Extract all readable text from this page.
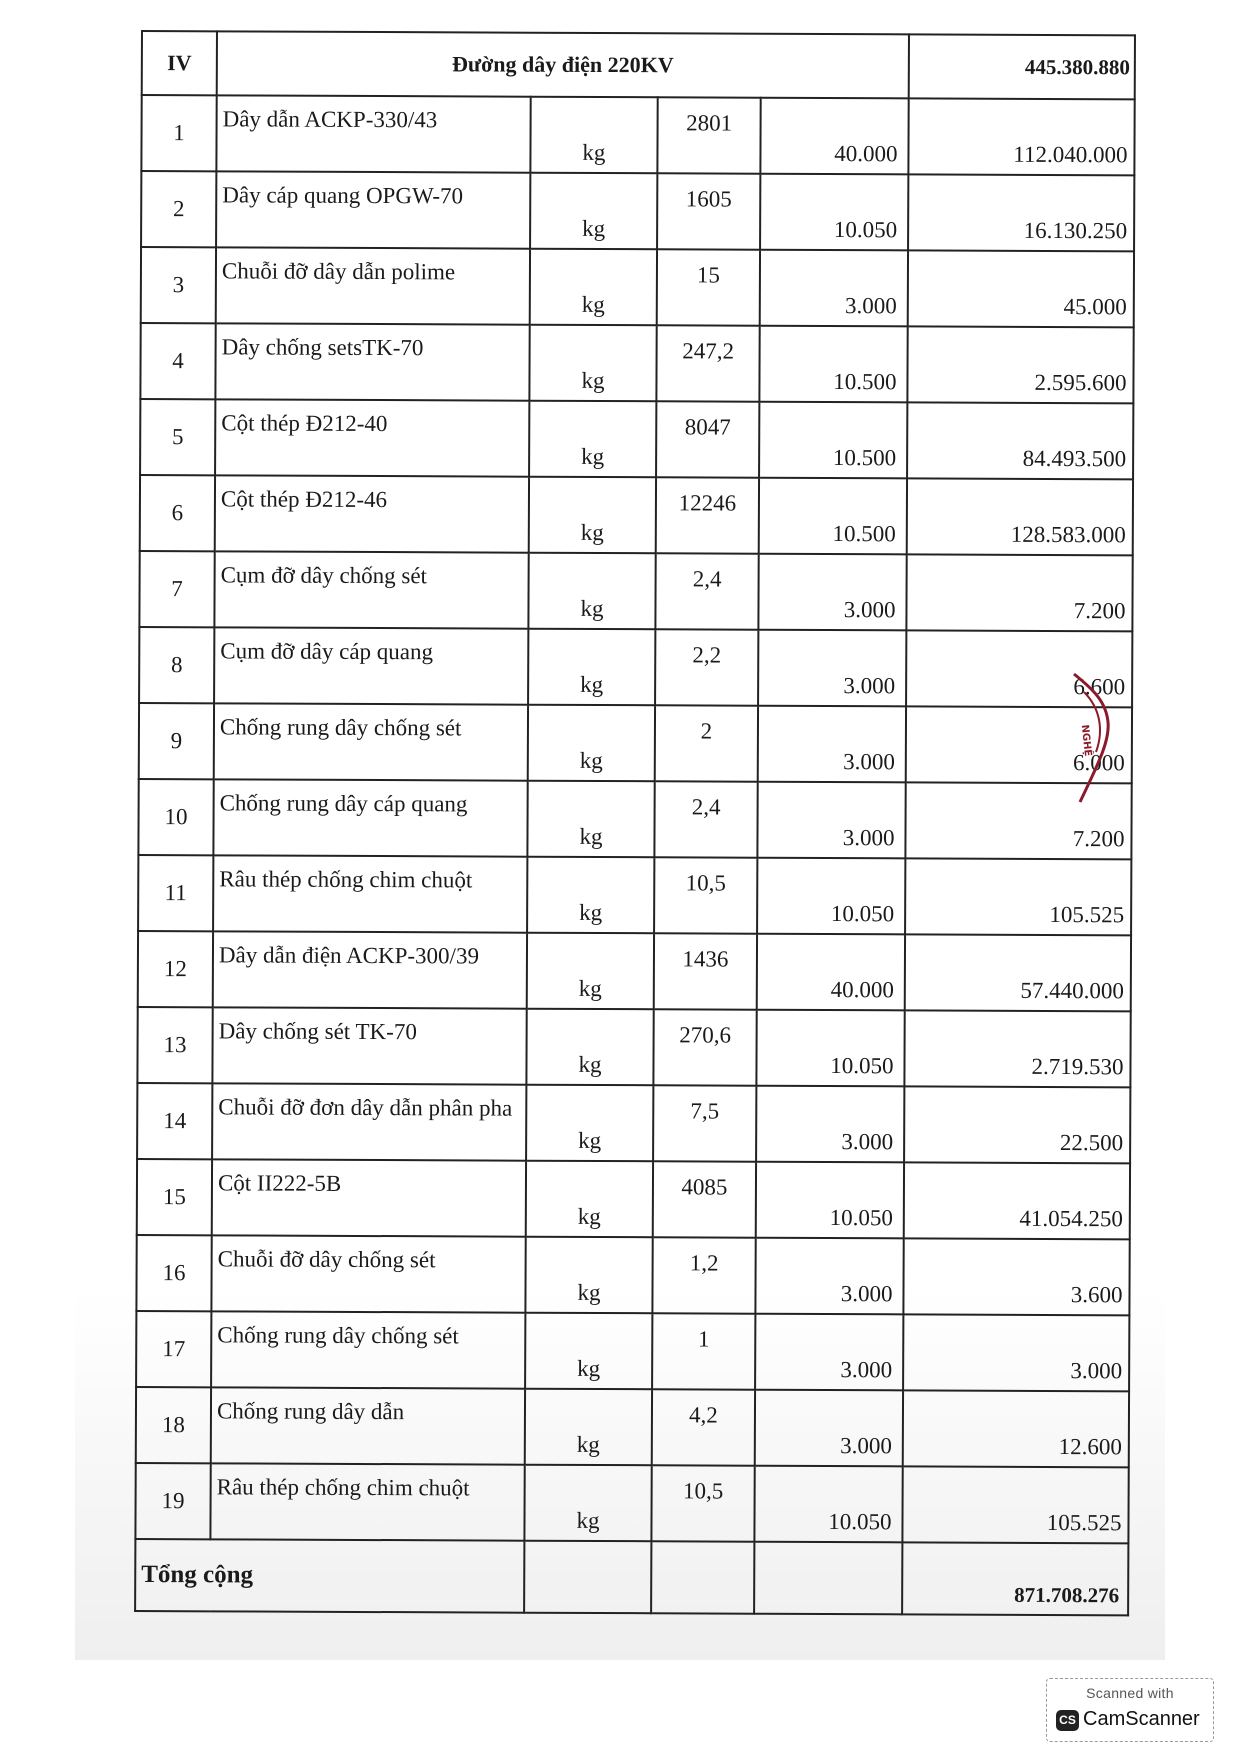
IV	Đường dây điện 220KV				445.380.880
1	Dây dẫn ACKP-330/43	kg	2801	40.000	112.040.000
2	Dây cáp quang OPGW-70	kg	1605	10.050	16.130.250
3	Chuỗi đỡ dây dẫn polime	kg	15	3.000	45.000
4	Dây chống setsTK-70	kg	247,2	10.500	2.595.600
5	Cột thép Đ212-40	kg	8047	10.500	84.493.500
6	Cột thép Đ212-46	kg	12246	10.500	128.583.000
7	Cụm đỡ dây chống sét	kg	2,4	3.000	7.200
8	Cụm đỡ dây cáp quang	kg	2,2	3.000	6.600
9	Chống rung dây chống sét	kg	2	3.000	6.000
10	Chống rung dây cáp quang	kg	2,4	3.000	7.200
11	Râu thép chống chim chuột	kg	10,5	10.050	105.525
12	Dây dẫn điện ACKP-300/39	kg	1436	40.000	57.440.000
13	Dây chống sét TK-70	kg	270,6	10.050	2.719.530
14	Chuỗi đỡ đơn dây dẫn phân pha	kg	7,5	3.000	22.500
15	Cột II222-5B	kg	4085	10.050	41.054.250
16	Chuỗi đỡ dây chống sét	kg	1,2	3.000	3.600
17	Chống rung dây chống sét	kg	1	3.000	3.000
18	Chống rung dây dẫn	kg	4,2	3.000	12.600
19	Râu thép chống chim chuột	kg	10,5	10.050	105.525
Tổng cộng					871.708.276
NGHỆ
Scanned with
CS CamScanner
